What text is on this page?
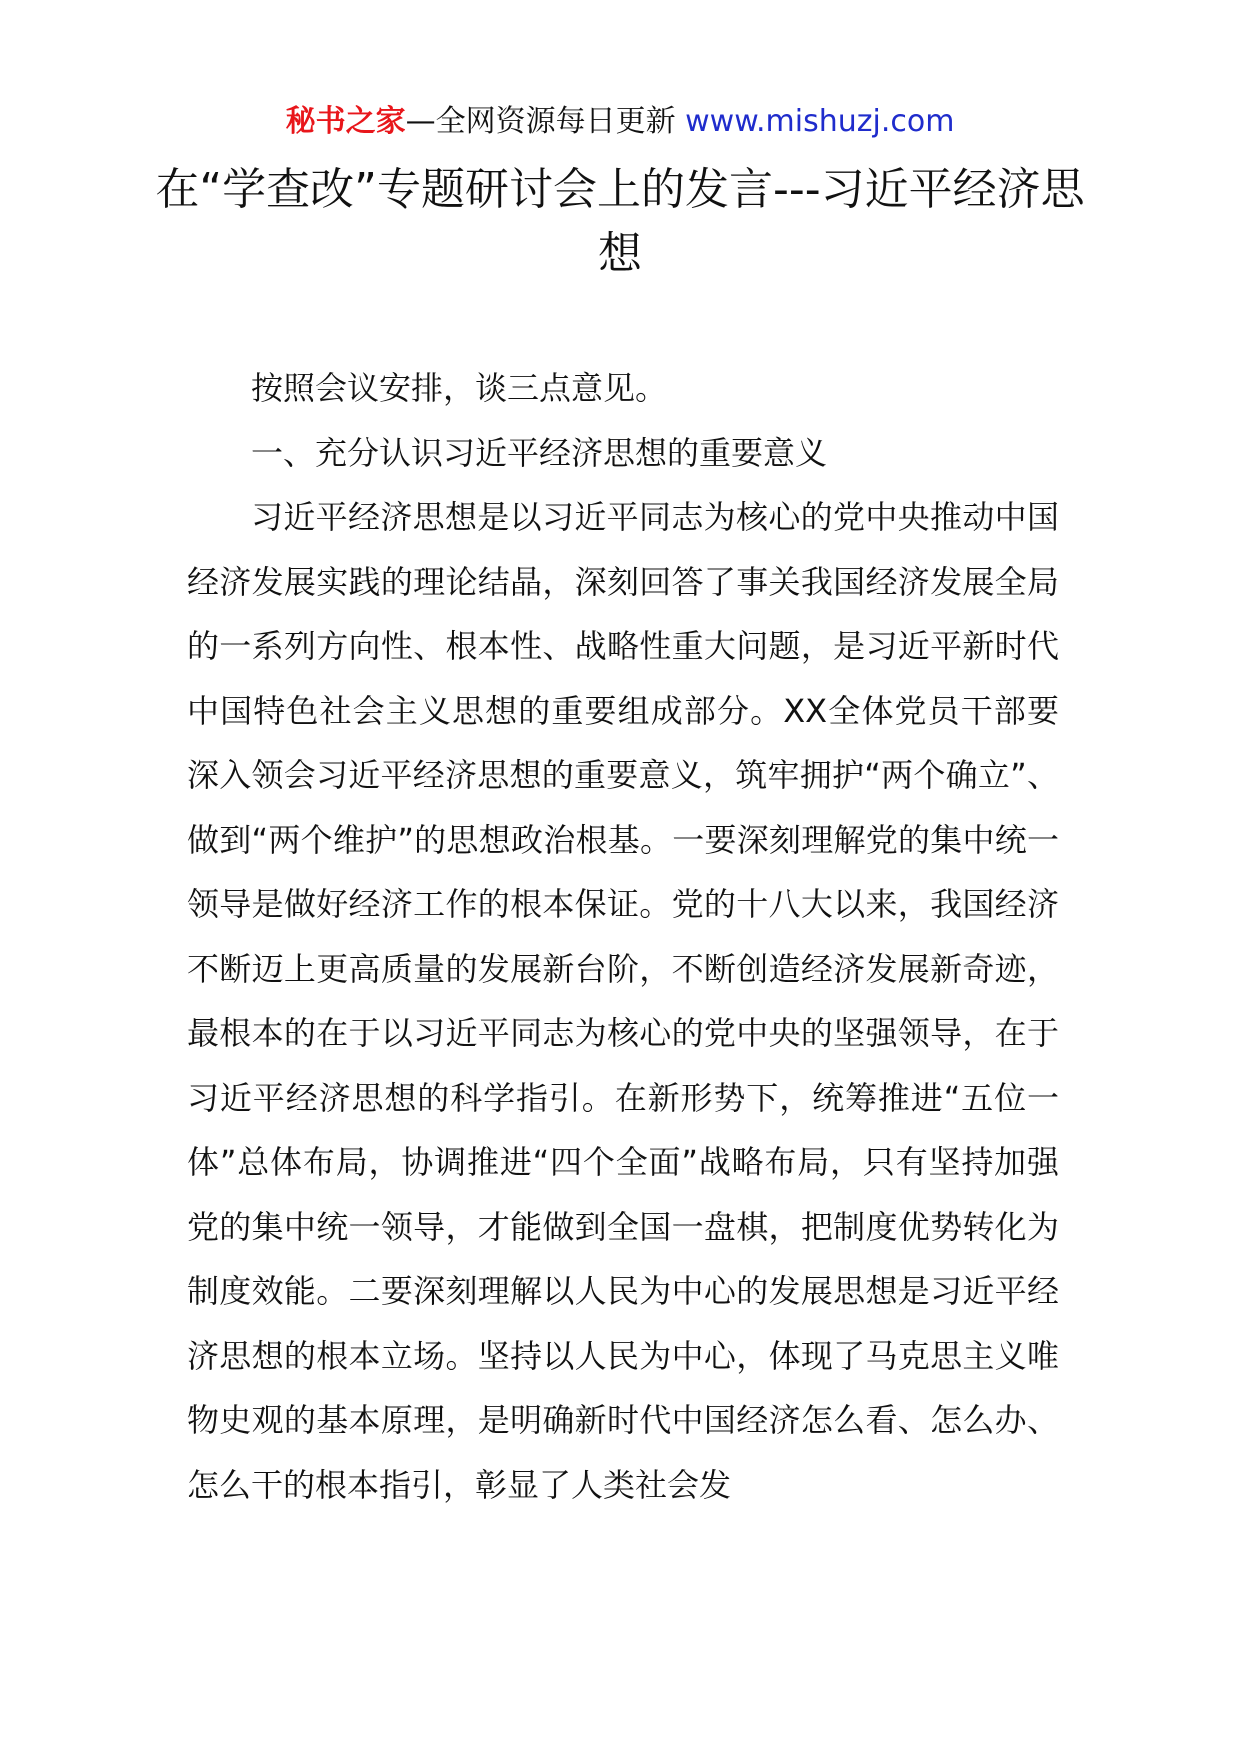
秘书之家—全网资源每日更新 www.mishuzj.com
在“学查改”专题研讨会上的发言---习近平经济思想

按照会议安排，谈三点意见。

一、充分认识习近平经济思想的重要意义

习近平经济思想是以习近平同志为核心的党中央推动中国经济发展实践的理论结晶，深刻回答了事关我国经济发展全局的一系列方向性、根本性、战略性重大问题，是习近平新时代中国特色社会主义思想的重要组成部分。XX全体党员干部要深入领会习近平经济思想的重要意义，筑牢拥护“两个确立”、做到“两个维护”的思想政治根基。一要深刻理解党的集中统一领导是做好经济工作的根本保证。党的十八大以来，我国经济不断迈上更高质量的发展新台阶，不断创造经济发展新奇迹，最根本的在于以习近平同志为核心的党中央的坚强领导，在于习近平经济思想的科学指引。在新形势下，统筹推进“五位一体”总体布局，协调推进“四个全面”战略布局，只有坚持加强党的集中统一领导，才能做到全国一盘棋，把制度优势转化为制度效能。二要深刻理解以人民为中心的发展思想是习近平经济思想的根本立场。坚持以人民为中心，体现了马克思主义唯物史观的基本原理，是明确新时代中国经济怎么看、怎么办、怎么干的根本指引，彰显了人类社会发
